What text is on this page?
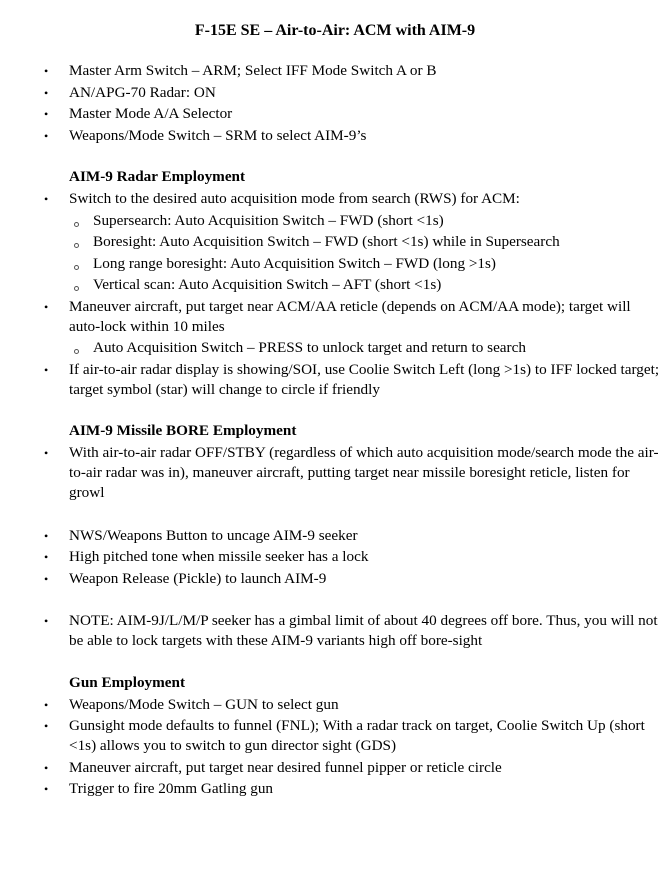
F-15E SE – Air-to-Air: ACM with AIM-9
• Master Arm Switch – ARM; Select IFF Mode Switch A or B
• AN/APG-70 Radar: ON
• Master Mode A/A Selector
• Weapons/Mode Switch – SRM to select AIM-9’s
AIM-9 Radar Employment
• Switch to the desired auto acquisition mode from search (RWS) for ACM:
Supersearch: Auto Acquisition Switch – FWD (short <1s)
Boresight: Auto Acquisition Switch – FWD (short <1s) while in Supersearch
Long range boresight: Auto Acquisition Switch – FWD (long >1s)
Vertical scan: Auto Acquisition Switch – AFT (short <1s)
• Maneuver aircraft, put target near ACM/AA reticle (depends on ACM/AA mode); target will auto-lock within 10 miles
Auto Acquisition Switch – PRESS to unlock target and return to search
• If air-to-air radar display is showing/SOI, use Coolie Switch Left (long >1s) to IFF locked target; target symbol (star) will change to circle if friendly
AIM-9 Missile BORE Employment
• With air-to-air radar OFF/STBY (regardless of which auto acquisition mode/search mode the air-to-air radar was in), maneuver aircraft, putting target near missile boresight reticle, listen for growl
• NWS/Weapons Button to uncage AIM-9 seeker
• High pitched tone when missile seeker has a lock
• Weapon Release (Pickle) to launch AIM-9
• NOTE: AIM-9J/L/M/P seeker has a gimbal limit of about 40 degrees off bore. Thus, you will not be able to lock targets with these AIM-9 variants high off bore-sight
Gun Employment
• Weapons/Mode Switch – GUN to select gun
• Gunsight mode defaults to funnel (FNL); With a radar track on target, Coolie Switch Up (short <1s) allows you to switch to gun director sight (GDS)
• Maneuver aircraft, put target near desired funnel pipper or reticle circle
• Trigger to fire 20mm Gatling gun
